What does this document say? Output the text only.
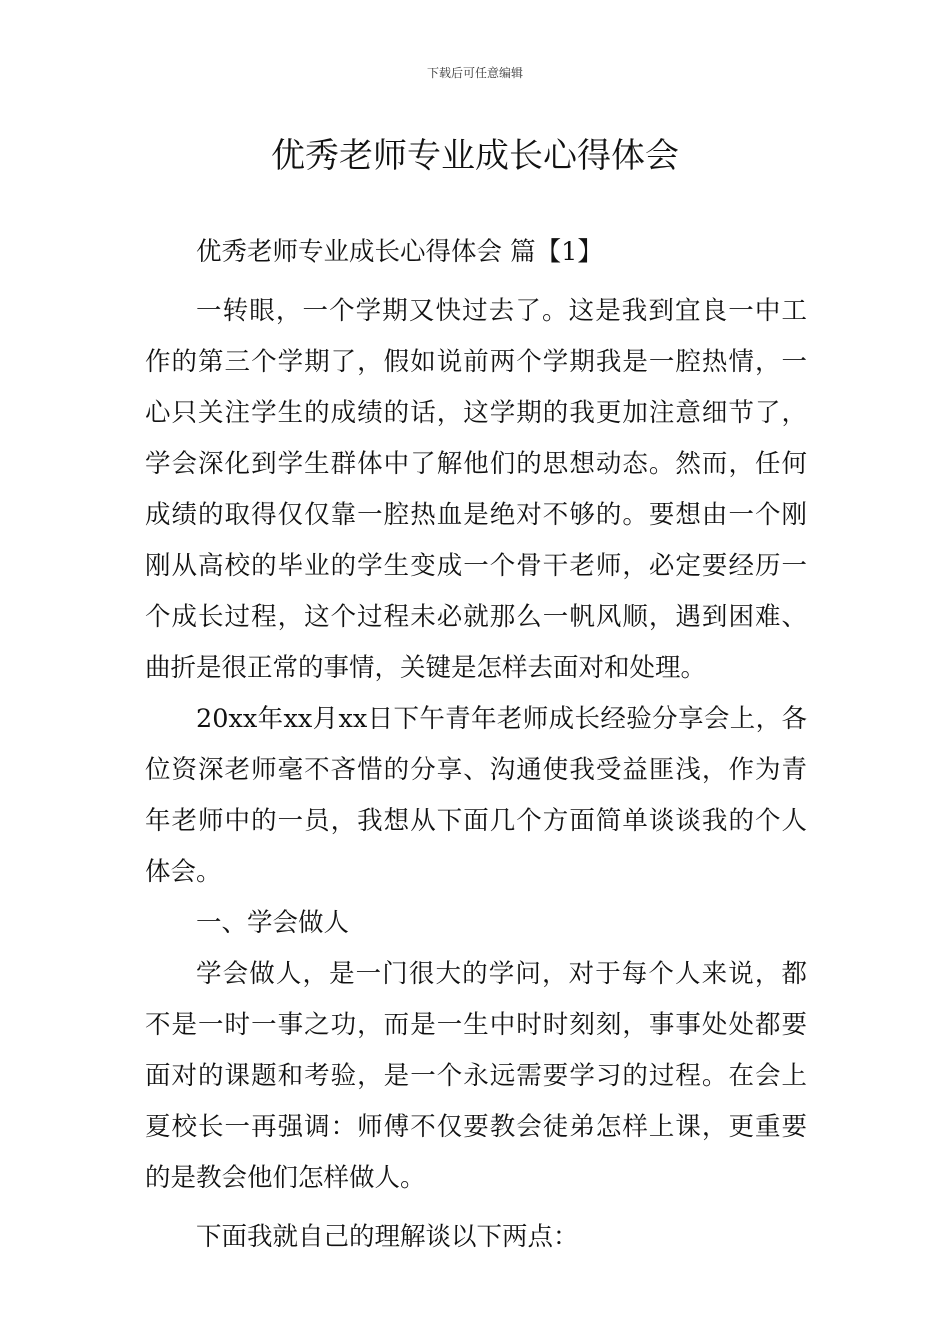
下载后可任意编辑
优秀老师专业成长心得体会

优秀老师专业成长心得体会 篇【1】

一转眼，一个学期又快过去了。这是我到宜良一中工作的第三个学期了，假如说前两个学期我是一腔热情，一心只关注学生的成绩的话，这学期的我更加注意细节了，学会深化到学生群体中了解他们的思想动态。然而，任何成绩的取得仅仅靠一腔热血是绝对不够的。要想由一个刚刚从高校的毕业的学生变成一个骨干老师，必定要经历一个成长过程，这个过程未必就那么一帆风顺，遇到困难、曲折是很正常的事情，关键是怎样去面对和处理。

20xx年xx月xx日下午青年老师成长经验分享会上，各位资深老师毫不吝惜的分享、沟通使我受益匪浅，作为青年老师中的一员，我想从下面几个方面简单谈谈我的个人体会。

一、学会做人

学会做人，是一门很大的学问，对于每个人来说，都不是一时一事之功，而是一生中时时刻刻，事事处处都要面对的课题和考验，是一个永远需要学习的过程。在会上夏校长一再强调：师傅不仅要教会徒弟怎样上课，更重要的是教会他们怎样做人。

下面我就自己的理解谈以下两点：
